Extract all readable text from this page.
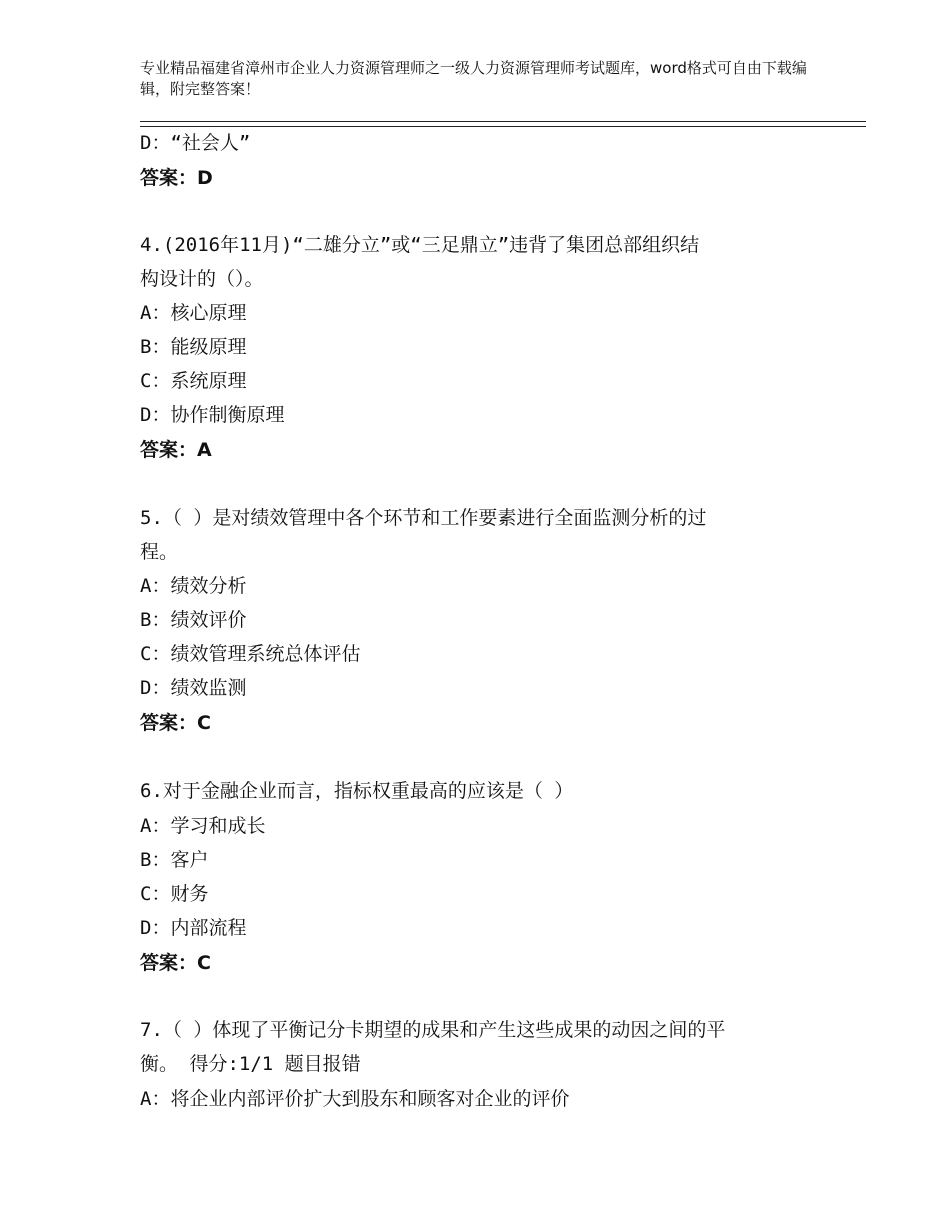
专业精品福建省漳州市企业人力资源管理师之一级人力资源管理师考试题库，word格式可自由下载编辑，附完整答案！
D：“社会人”
答案：D
4.(2016年11月)“二雄分立”或“三足鼎立”违背了集团总部组织结
构设计的（）。
A：核心原理
B：能级原理
C：系统原理
D：协作制衡原理
答案：A
5.（ ）是对绩效管理中各个环节和工作要素进行全面监测分析的过
程。
A：绩效分析
B：绩效评价
C：绩效管理系统总体评估
D：绩效监测
答案：C
6.对于金融企业而言，指标权重最高的应该是（ ）
A：学习和成长
B：客户
C：财务
D：内部流程
答案：C
7.（ ）体现了平衡记分卡期望的成果和产生这些成果的动因之间的平
衡。 得分:1/1 题目报错
A：将企业内部评价扩大到股东和顾客对企业的评价
